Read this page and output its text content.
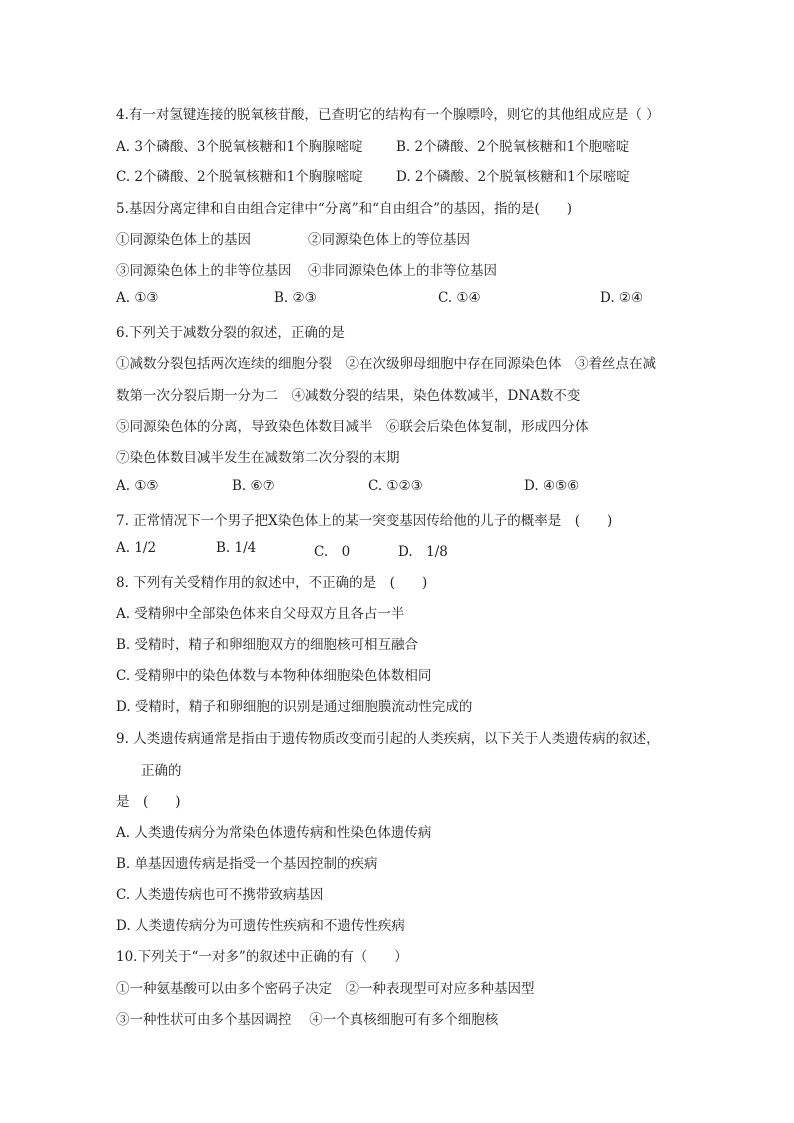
4.有一对氢键连接的脱氧核苷酸，已查明它的结构有一个腺嘌呤，则它的其他组成应是（ ）
A. 3个磷酸、3个脱氧核糖和1个胸腺嘧啶 B. 2个磷酸、2个脱氧核糖和1个胞嘧啶
C. 2个磷酸、2个脱氧核糖和1个胸腺嘧啶 D. 2个磷酸、2个脱氧核糖和1个尿嘧啶
5.基因分离定律和自由组合定律中“分离”和“自由组合”的基因，指的是(　　)
①同源染色体上的基因	②同源染色体上的等位基因
③同源染色体上的非等位基因 ④非同源染色体上的非等位基因
A. ①③	B. ②③	C. ①④	D. ②④
6.下列关于减数分裂的叙述，正确的是
①减数分裂包括两次连续的细胞分裂　②在次级卵母细胞中存在同源染色体　③着丝点在减
数第一次分裂后期一分为二　④减数分裂的结果，染色体数减半，DNA数不变
⑤同源染色体的分离，导致染色体数目减半　⑥联会后染色体复制，形成四分体
⑦染色体数目减半发生在减数第二次分裂的末期
A. ①⑤	B. ⑥⑦	C. ①②③	D. ④⑤⑥
7. 正常情况下一个男子把X染色体上的某一突变基因传给他的儿子的概率是　(　　)
A. 1/2	B. 1/4	C.　0	D.　1/8
8. 下列有关受精作用的叙述中，不正确的是　(　　)
A. 受精卵中全部染色体来自父母双方且各占一半
B. 受精时，精子和卵细胞双方的细胞核可相互融合
C. 受精卵中的染色体数与本物种体细胞染色体数相同
D. 受精时，精子和卵细胞的识别是通过细胞膜流动性完成的
9. 人类遗传病通常是指由于遗传物质改变而引起的人类疾病，以下关于人类遗传病的叙述，
正确的
是　(　　)
A. 人类遗传病分为常染色体遗传病和性染色体遗传病
B. 单基因遗传病是指受一个基因控制的疾病
C. 人类遗传病也可不携带致病基因
D. 人类遗传病分为可遗传性疾病和不遗传性疾病
10.下列关于“一对多”的叙述中正确的有（　　）
①一种氨基酸可以由多个密码子决定　②一种表现型可对应多种基因型
③一种性状可由多个基因调控　 ④一个真核细胞可有多个细胞核
